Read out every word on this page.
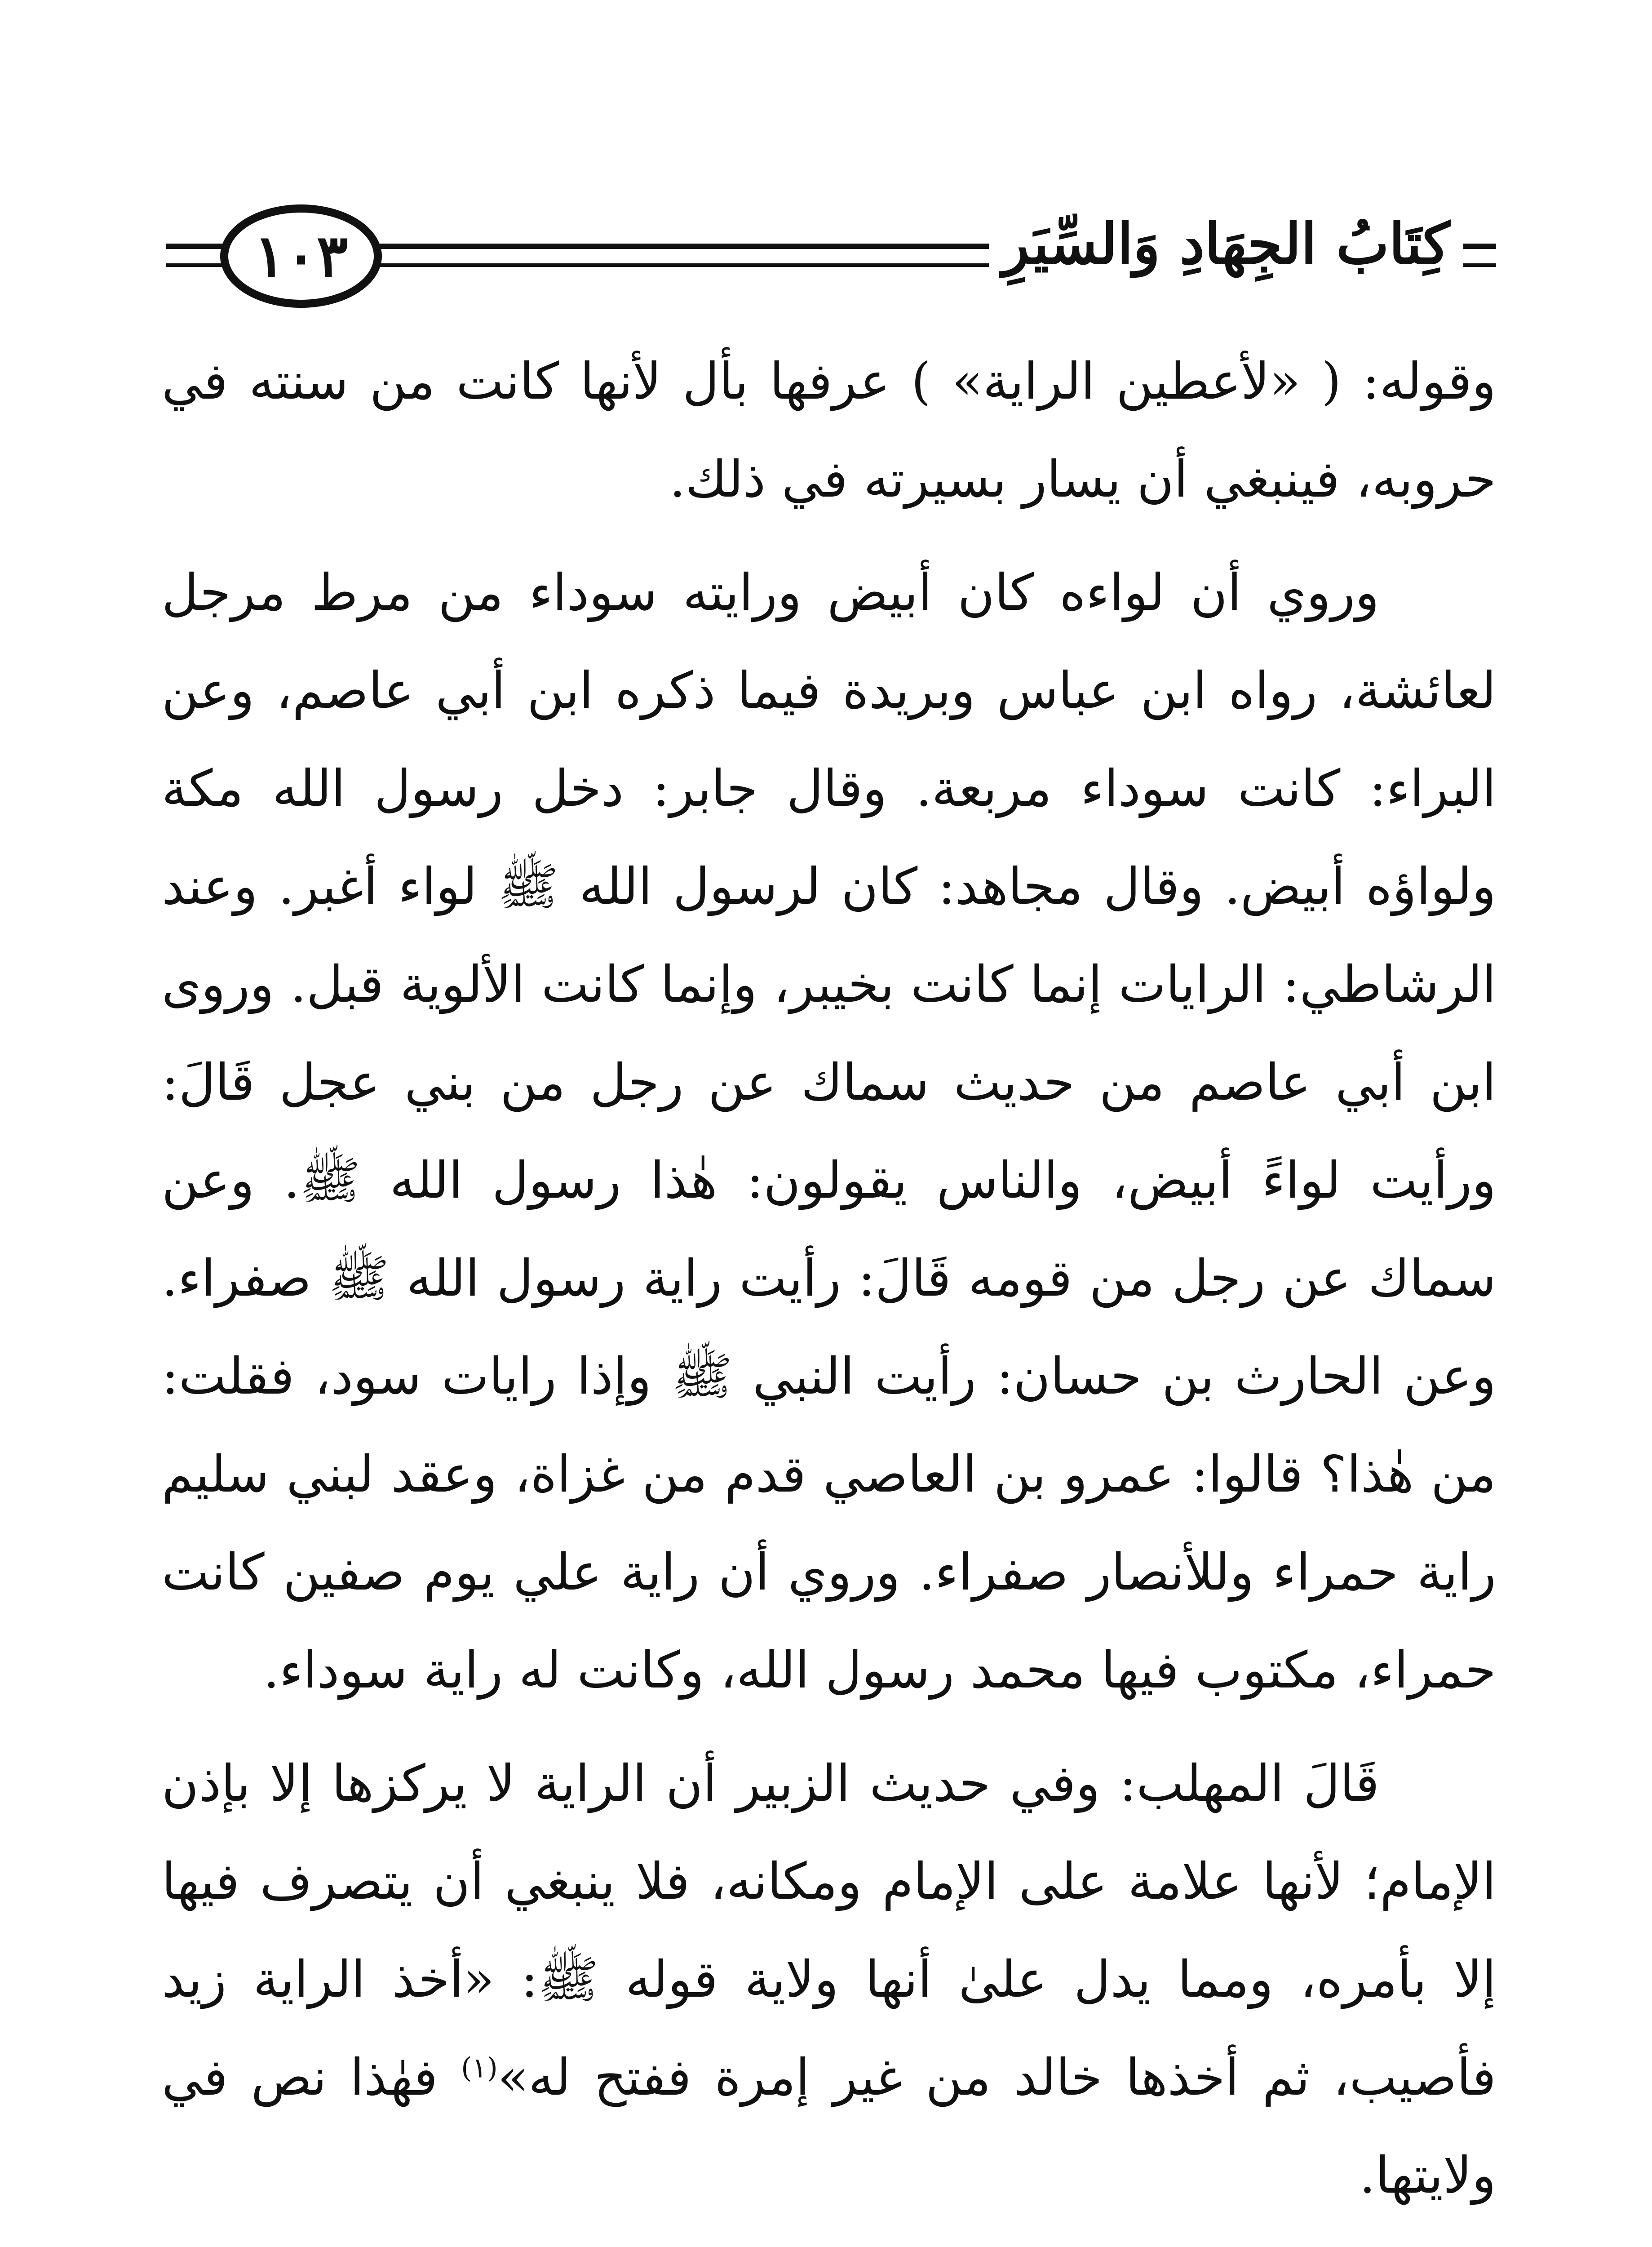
١٠٣	كِتَابُ الجِهَادِ وَالسِّيَرِ

وقوله: ( «لأعطين الراية» ) عرفها بأل لأنها كانت من سنته في حروبه، فينبغي أن يسار بسيرته في ذلك.

وروي أن لواءه كان أبيض ورايته سوداء من مرط مرجل لعائشة، رواه ابن عباس وبريدة فيما ذكره ابن أبي عاصم، وعن البراء: كانت سوداء مربعة. وقال جابر: دخل رسول الله مكة ولواؤه أبيض. وقال مجاهد: كان لرسول الله ﷺ لواء أغبر. وعند الرشاطي: الرايات إنما كانت بخيبر، وإنما كانت الألوية قبل. وروى ابن أبي عاصم من حديث سماك عن رجل من بني عجل قَالَ: ورأيت لواءً أبيض، والناس يقولون: هٰذا رسول الله ﷺ. وعن سماك عن رجل من قومه قَالَ: رأيت راية رسول الله ﷺ صفراء. وعن الحارث بن حسان: رأيت النبي ﷺ وإذا رايات سود، فقلت: من هٰذا؟ قالوا: عمرو بن العاصي قدم من غزاة، وعقد لبني سليم راية حمراء وللأنصار صفراء. وروي أن راية علي يوم صفين كانت حمراء، مكتوب فيها محمد رسول الله، وكانت له راية سوداء.

قَالَ المهلب: وفي حديث الزبير أن الراية لا يركزها إلا بإذن الإمام؛ لأنها علامة على الإمام ومكانه، فلا ينبغي أن يتصرف فيها إلا بأمره، ومما يدل علىٰ أنها ولاية قوله ﷺ: «أخذ الراية زيد فأصيب، ثم أخذها خالد من غير إمرة ففتح له»$^{(١)}$ فهٰذا نص في ولايتها.
